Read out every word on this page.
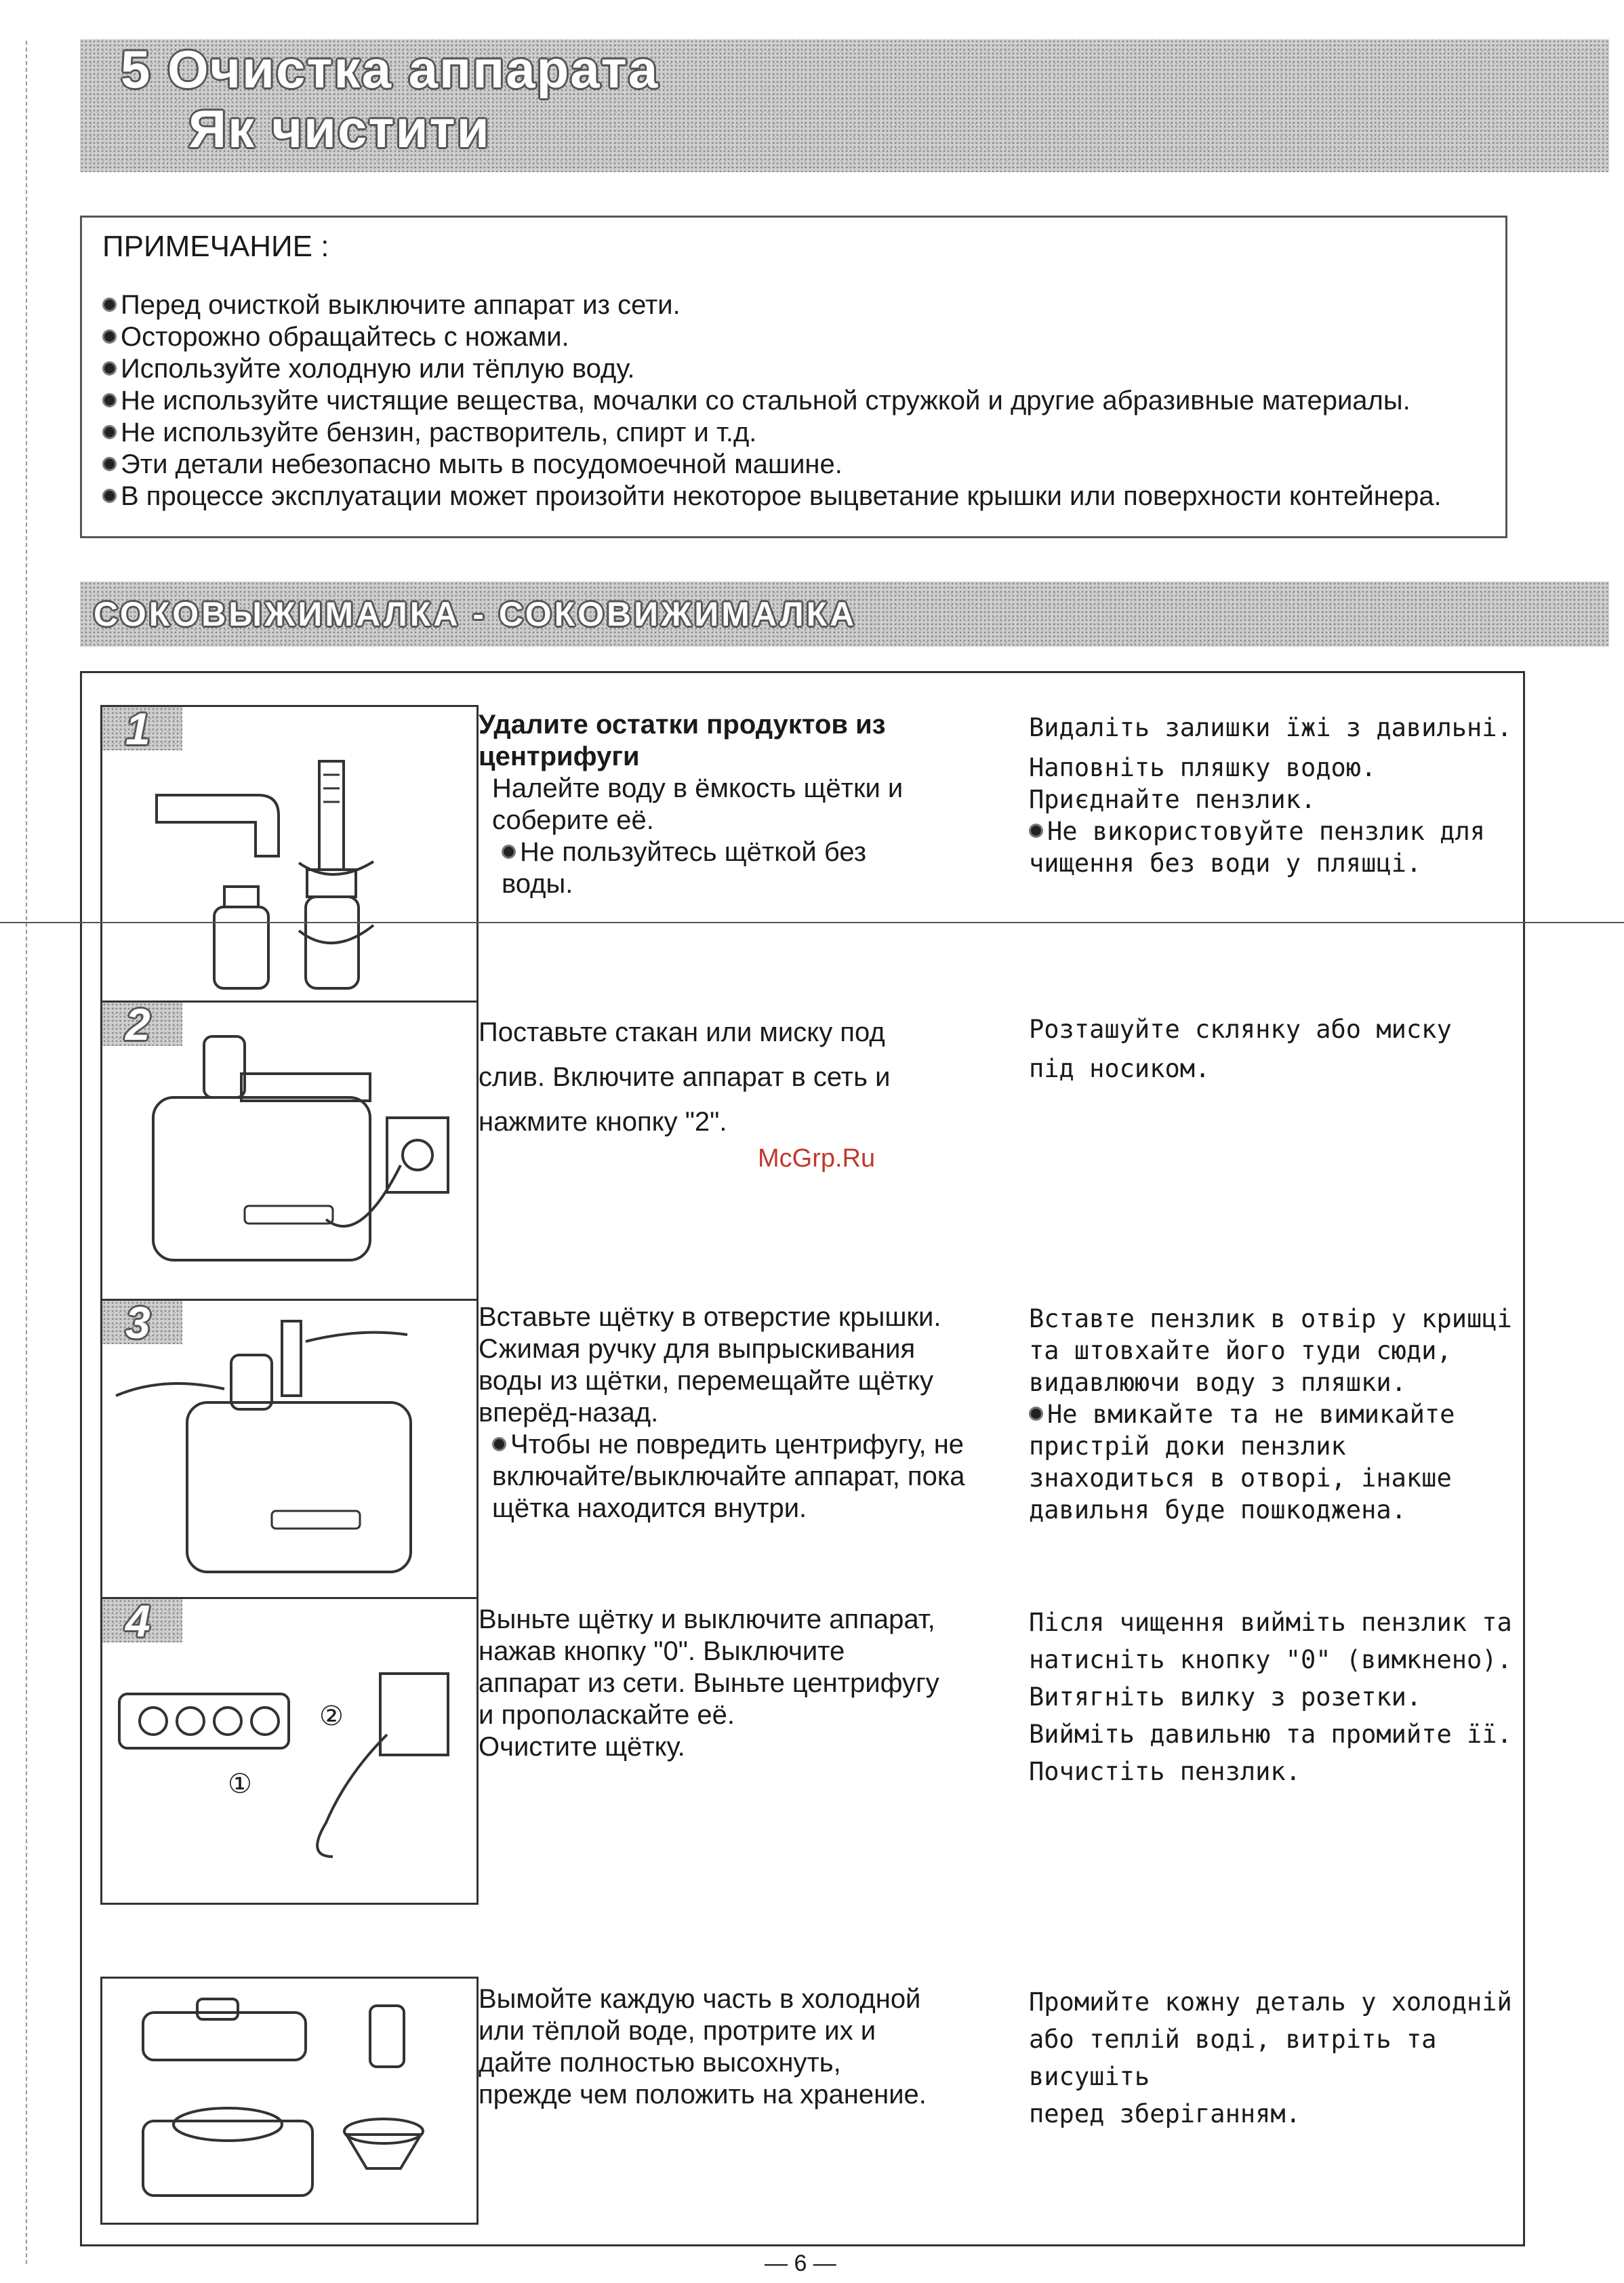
5 Очистка аппарата
Як чистити
ПРИМЕЧАНИЕ :
Перед очисткой выключите аппарат из сети.
Осторожно обращайтесь с ножами.
Используйте холодную или тёплую воду.
Не используйте чистящие вещества, мочалки со стальной стружкой и другие абразивные материалы.
Не используйте бензин, растворитель, спирт и т.д.
Эти детали небезопасно мыть в посудомоечной машине.
В процессе эксплуатации может произойти некоторое выцветание крышки или поверхности контейнера.
СОКОВЫЖИМАЛКА - СОКОВИЖИМАЛКА
1
2
3
4
②
①

Удалите остатки продуктов из центрифуги

Налейте воду в ёмкость щётки и

соберите её.

Не пользуйтесь щёткой без воды.

Видаліть залишки їжі з давильні.

Наповніть пляшку водою.

Приєднайте пензлик.

Не використовуйте пензлик для чищення без води у пляшці.

Поставьте стакан или миску под

слив. Включите аппарат в сеть и

нажмите кнопку "2".

Розташуйте склянку або миску

під носиком.

Вставьте щётку в отверстие крышки.

Сжимая ручку для выпрыскивания

воды из щётки, перемещайте щётку

вперёд-назад.

Чтобы не повредить центрифугу, не включайте/выключайте аппарат, пока щётка находится внутри.

Вставте пензлик в отвір у кришці

та штовхайте його туди сюди,

видавлюючи воду з пляшки.

Не вмикайте та не вимикайте пристрій доки пензлик знаходиться в отворі, інакше давильня буде пошкоджена.

Выньте щётку и выключите аппарат,

нажав кнопку "0". Выключите

аппарат из сети. Выньте центрифугу

и прополаскайте её.

Очистите щётку.

Після чищення вийміть пензлик та

натисніть кнопку "0" (вимкнено).

Витягніть вилку з розетки.

Вийміть давильню та промийте її.

Почистіть пензлик.

Вымойте каждую часть в холодной

или тёплой воде, протрите их и

дайте полностью высохнуть,

прежде чем положить на хранение.

Промийте кожну деталь у холодній

або теплій воді, витріть та висушіть

перед зберіганням.

McGrp.Ru
— 6 —
